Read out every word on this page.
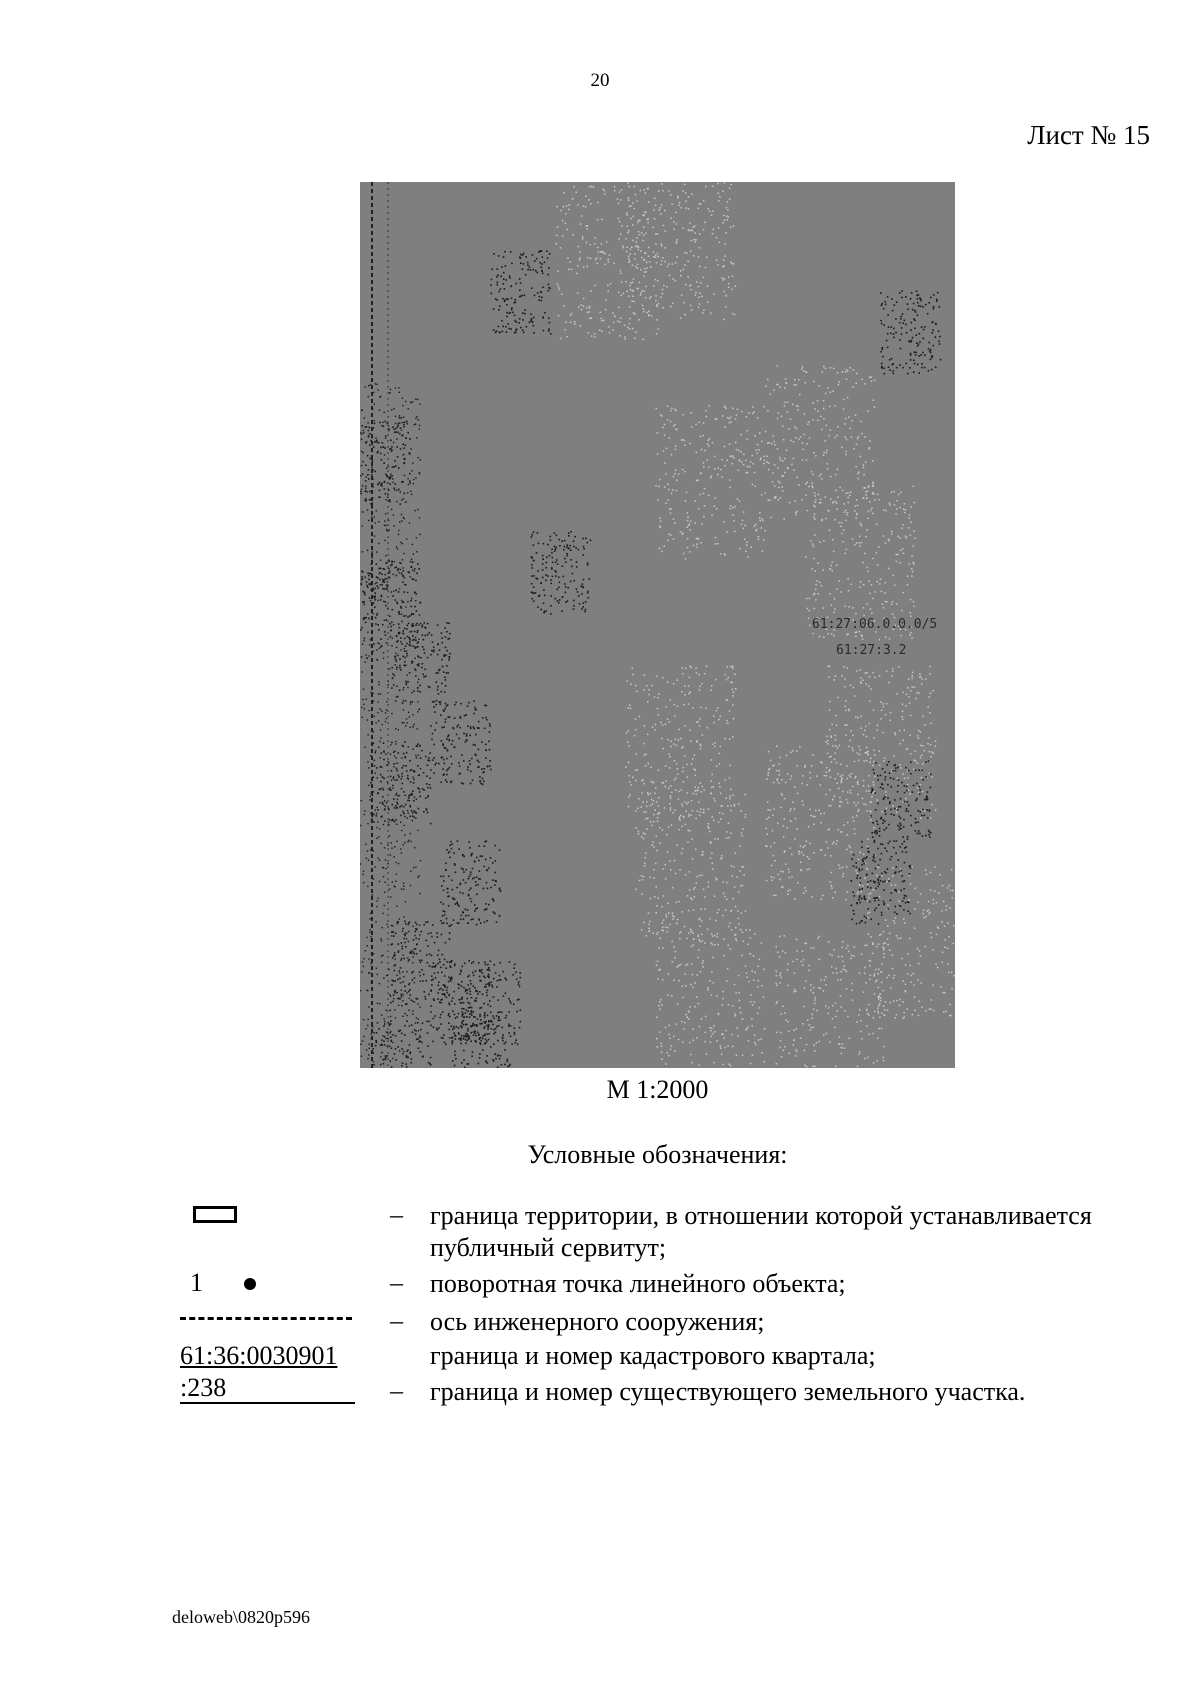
20
Лист № 15
61:27:06.0.0.0/5
61:27:3.2
М 1:2000
Условные обозначения:
– граница территории, в отношении которой устанавливается публичный сервитут;
1	– поворотная точка линейного объекта;
– ось инженерного сооружения;
61:36:0030901
:238
граница и номер кадастрового квартала;
– граница и номер существующего земельного участка.
deloweb\0820p596
